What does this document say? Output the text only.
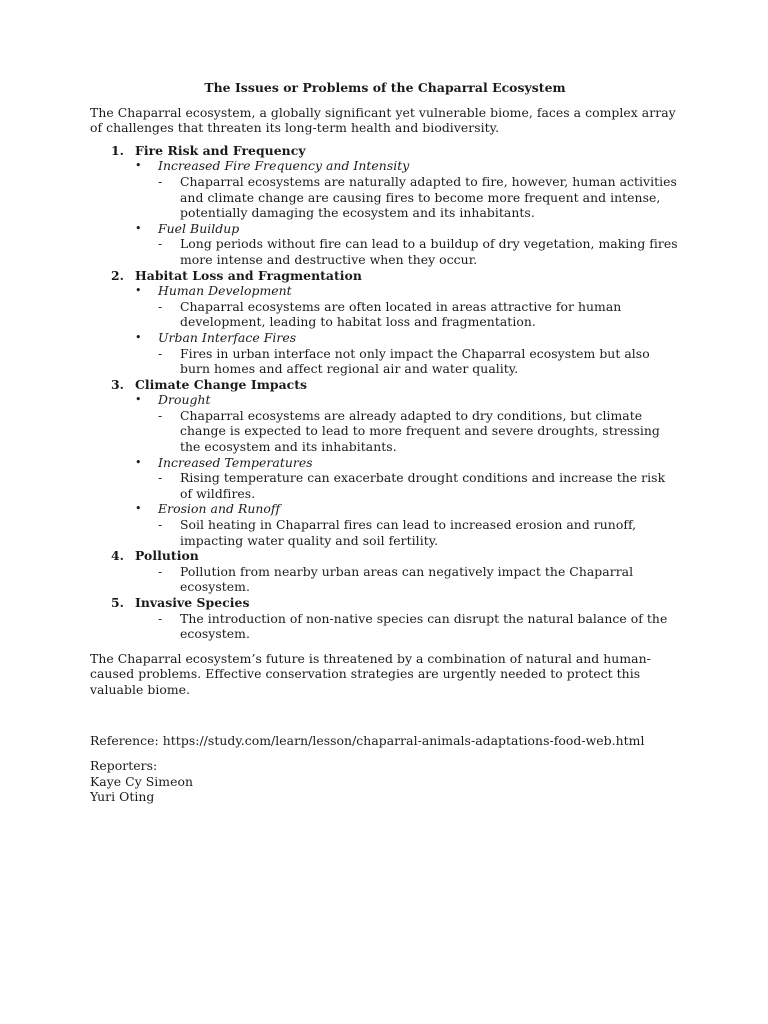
The Issues or Problems of the Chaparral Ecosystem
The Chaparral ecosystem, a globally significant yet vulnerable biome, faces a complex array of challenges that threaten its long-term health and biodiversity.
1. Fire Risk and Frequency
• Increased Fire Frequency and Intensity
- Chaparral ecosystems are naturally adapted to fire, however, human activities and climate change are causing fires to become more frequent and intense, potentially damaging the ecosystem and its inhabitants.
• Fuel Buildup
- Long periods without fire can lead to a buildup of dry vegetation, making fires more intense and destructive when they occur.
2. Habitat Loss and Fragmentation
• Human Development
- Chaparral ecosystems are often located in areas attractive for human development, leading to habitat loss and fragmentation.
• Urban Interface Fires
- Fires in urban interface not only impact the Chaparral ecosystem but also burn homes and affect regional air and water quality.
3. Climate Change Impacts
• Drought
- Chaparral ecosystems are already adapted to dry conditions, but climate change is expected to lead to more frequent and severe droughts, stressing the ecosystem and its inhabitants.
• Increased Temperatures
- Rising temperature can exacerbate drought conditions and increase the risk of wildfires.
• Erosion and Runoff
- Soil heating in Chaparral fires can lead to increased erosion and runoff, impacting water quality and soil fertility.
4. Pollution
- Pollution from nearby urban areas can negatively impact the Chaparral ecosystem.
5. Invasive Species
- The introduction of non-native species can disrupt the natural balance of the ecosystem.
The Chaparral ecosystem’s future is threatened by a combination of natural and human-caused problems. Effective conservation strategies are urgently needed to protect this valuable biome.
Reference: https://study.com/learn/lesson/chaparral-animals-adaptations-food-web.html
Reporters:
Kaye Cy Simeon
Yuri Oting
